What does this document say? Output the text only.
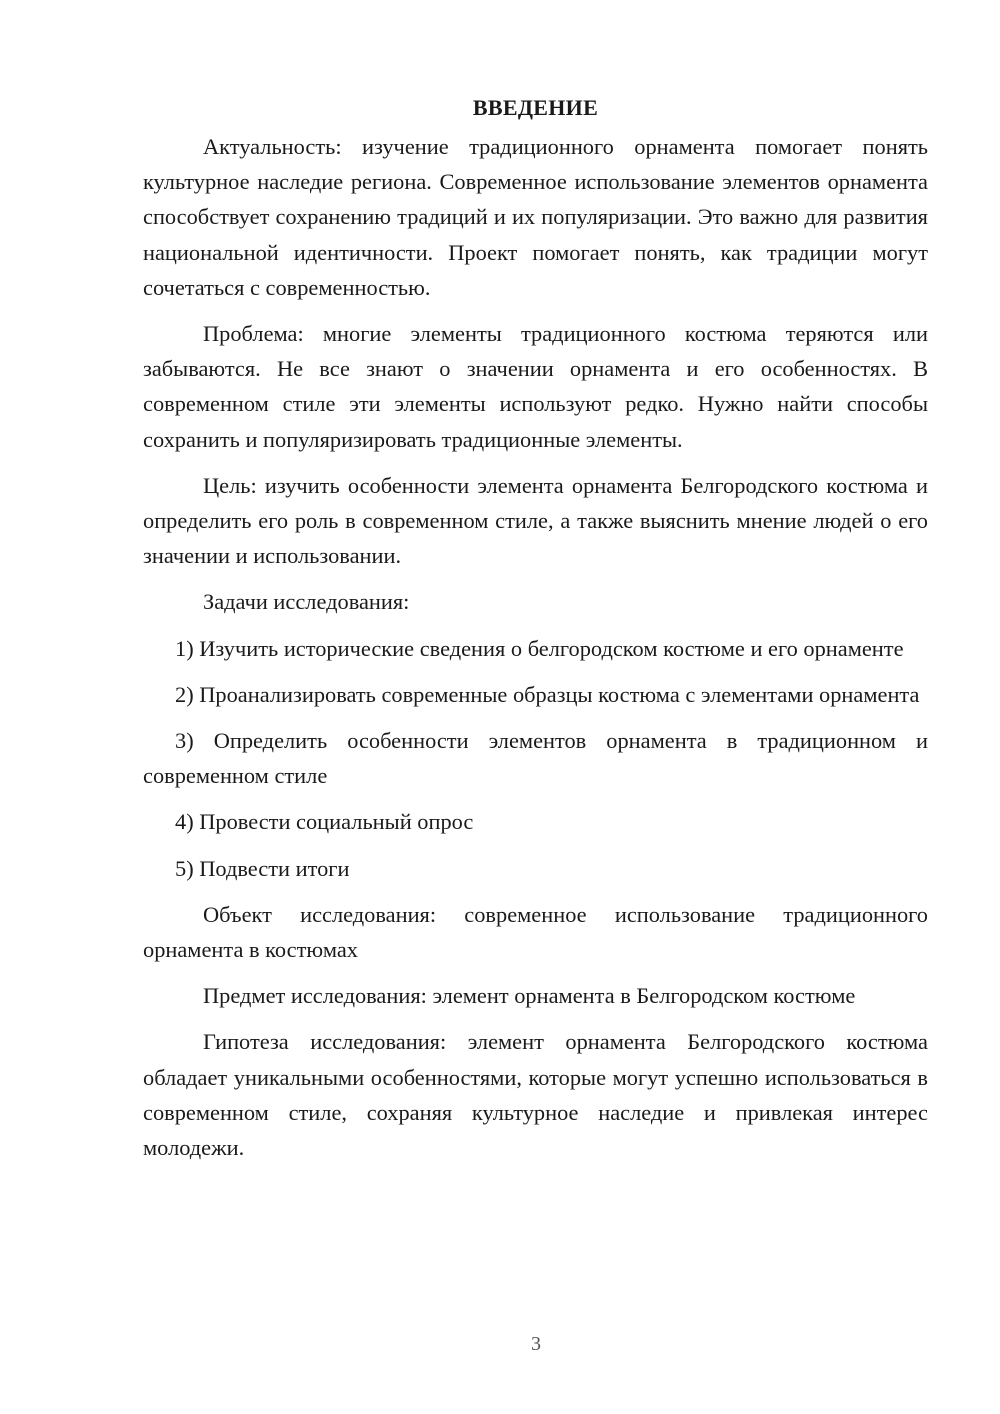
ВВЕДЕНИЕ

Актуальность: изучение традиционного орнамента помогает понять культурное наследие региона. Современное использование элементов орнамента способствует сохранению традиций и их популяризации. Это важно для развития национальной идентичности. Проект помогает понять, как традиции могут сочетаться с современностью.

Проблема: многие элементы традиционного костюма теряются или забываются. Не все знают о значении орнамента и его особенностях. В современном стиле эти элементы используют редко. Нужно найти способы сохранить и популяризировать традиционные элементы.

Цель: изучить особенности элемента орнамента Белгородского костюма и определить его роль в современном стиле, а также выяснить мнение людей о его значении и использовании.

Задачи исследования:

1) Изучить исторические сведения о белгородском костюме и его орнаменте

2) Проанализировать современные образцы костюма с элементами орнамента

3) Определить особенности элементов орнамента в традиционном и современном стиле

4) Провести социальный опрос

5) Подвести итоги

Объект исследования: современное использование традиционного орнамента в костюмах

Предмет исследования: элемент орнамента в Белгородском костюме

Гипотеза исследования: элемент орнамента Белгородского костюма обладает уникальными особенностями, которые могут успешно использоваться в современном стиле, сохраняя культурное наследие и привлекая интерес молодежи.

3
